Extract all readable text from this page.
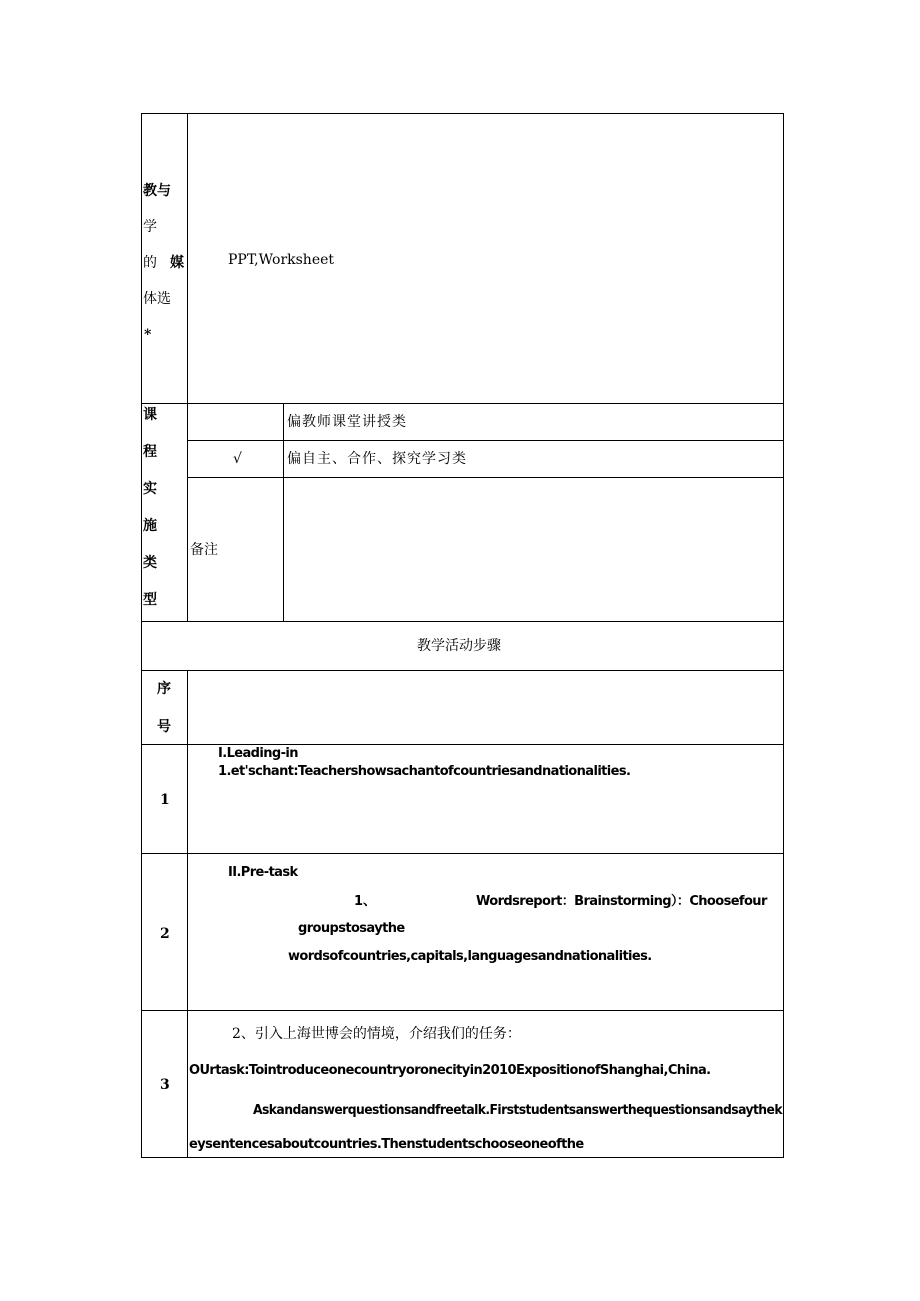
教与
学
的 媒
体选
*
PPT,Worksheet
课
程
实
施
类
型
偏教师课堂讲授类
√	偏自主、合作、探究学习类
备注
教学活动步骤
序
号
1
I.Leading-in
1.et'schant:Teachershowsachantofcountriesandnationalities.
2
II.Pre-task
1、	Wordsreport：Brainstorming）：Choosefour
groupstosaythe
wordsofcountries,capitals,languagesandnationalities.
3
2、引入上海世博会的情境，介绍我们的任务：
OUrtask:Tointroduceonecountryoronecityin2010ExpositionofShanghai,China.
Askandanswerquestionsandfreetalk.Firststudentsanswerthequestionsandsaythek
eysentencesaboutcountries.Thenstudentschooseoneofthe
